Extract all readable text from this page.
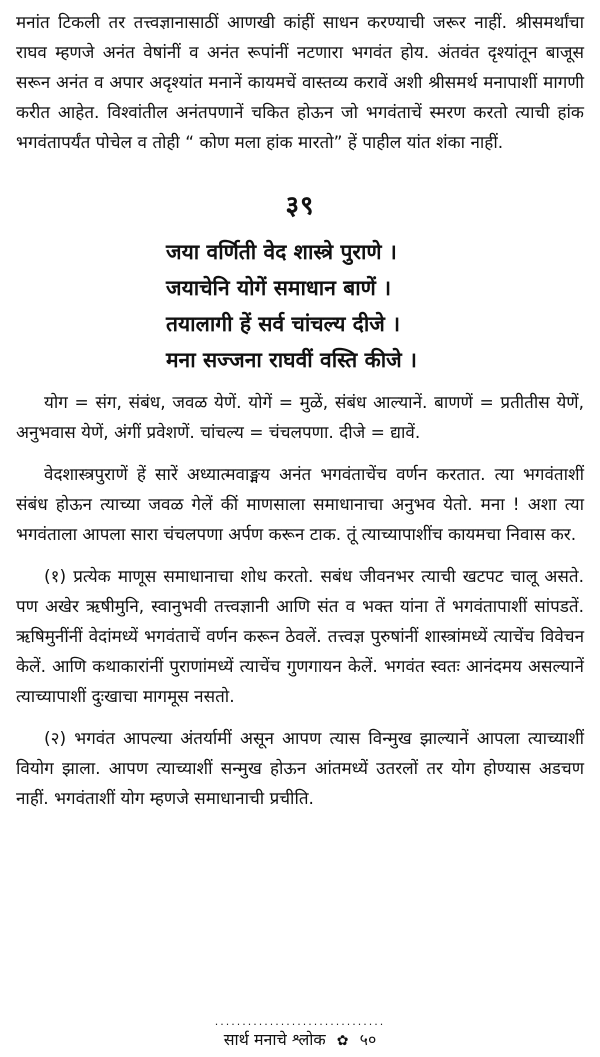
मनांत टिकली तर तत्त्वज्ञानासाठीं आणखी कांहीं साधन करण्याची जरूर नाहीं. श्रीसमर्थांचा राघव म्हणजे अनंत वेषांनीं व अनंत रूपांनीं नटणारा भगवंत होय. अंतवंत दृश्यांतून बाजूस सरून अनंत व अपार अदृश्यांत मनानें कायमचें वास्तव्य करावें अशी श्रीसमर्थ मनापाशीं मागणी करीत आहेत. विश्वांतील अनंतपणानें चकित होऊन जो भगवंताचें स्मरण करतो त्याची हांक भगवंतापर्यंत पोचेल व तोही “ कोण मला हांक मारतो” हें पाहील यांत शंका नाहीं.

३९
जया वर्णिती वेद शास्त्रे पुराणे ।
जयाचेनि योगें समाधान बाणें ।
तयालागी हें सर्व चांचल्य दीजे ।
मना सज्जना राघवीं वस्ति कीजे ।

योग = संग, संबंध, जवळ येणें. योगें = मुळें, संबंध आल्यानें. बाणणें = प्रतीतीस येणें, अनुभवास येणें, अंगीं प्रवेशणें. चांचल्य = चंचलपणा. दीजे = द्यावें.

वेदशास्त्रपुराणें हें सारें अध्यात्मवाङ्मय अनंत भगवंताचेंच वर्णन करतात. त्या भगवंताशीं संबंध होऊन त्याच्या जवळ गेलें कीं माणसाला समाधानाचा अनुभव येतो. मना ! अशा त्या भगवंताला आपला सारा चंचलपणा अर्पण करून टाक. तूं त्याच्यापाशींच कायमचा निवास कर.

(१) प्रत्येक माणूस समाधानाचा शोध करतो. सबंध जीवनभर त्याची खटपट चालू असते. पण अखेर ऋषीमुनि, स्वानुभवी तत्त्वज्ञानी आणि संत व भक्त यांना तें भगवंतापाशीं सांपडतें. ऋषिमुनींनीं वेदांमध्यें भगवंताचें वर्णन करून ठेवलें. तत्त्वज्ञ पुरुषांनीं शास्त्रांमध्यें त्याचेंच विवेचन केलें. आणि कथाकारांनीं पुराणांमध्यें त्याचेंच गुणगायन केलें. भगवंत स्वतः आनंदमय असल्यानें त्याच्यापाशीं दुःखाचा मागमूस नसतो.

(२) भगवंत आपल्या अंतर्यामीं असून आपण त्यास विन्मुख झाल्यानें आपला त्याच्याशीं वियोग झाला. आपण त्याच्याशीं सन्मुख होऊन आंतमध्यें उतरलों तर योग होण्यास अडचण नाहीं. भगवंताशीं योग म्हणजे समाधानाची प्रचीति.

...............................
सार्थ मनाचे श्लोक ✿ ५०
